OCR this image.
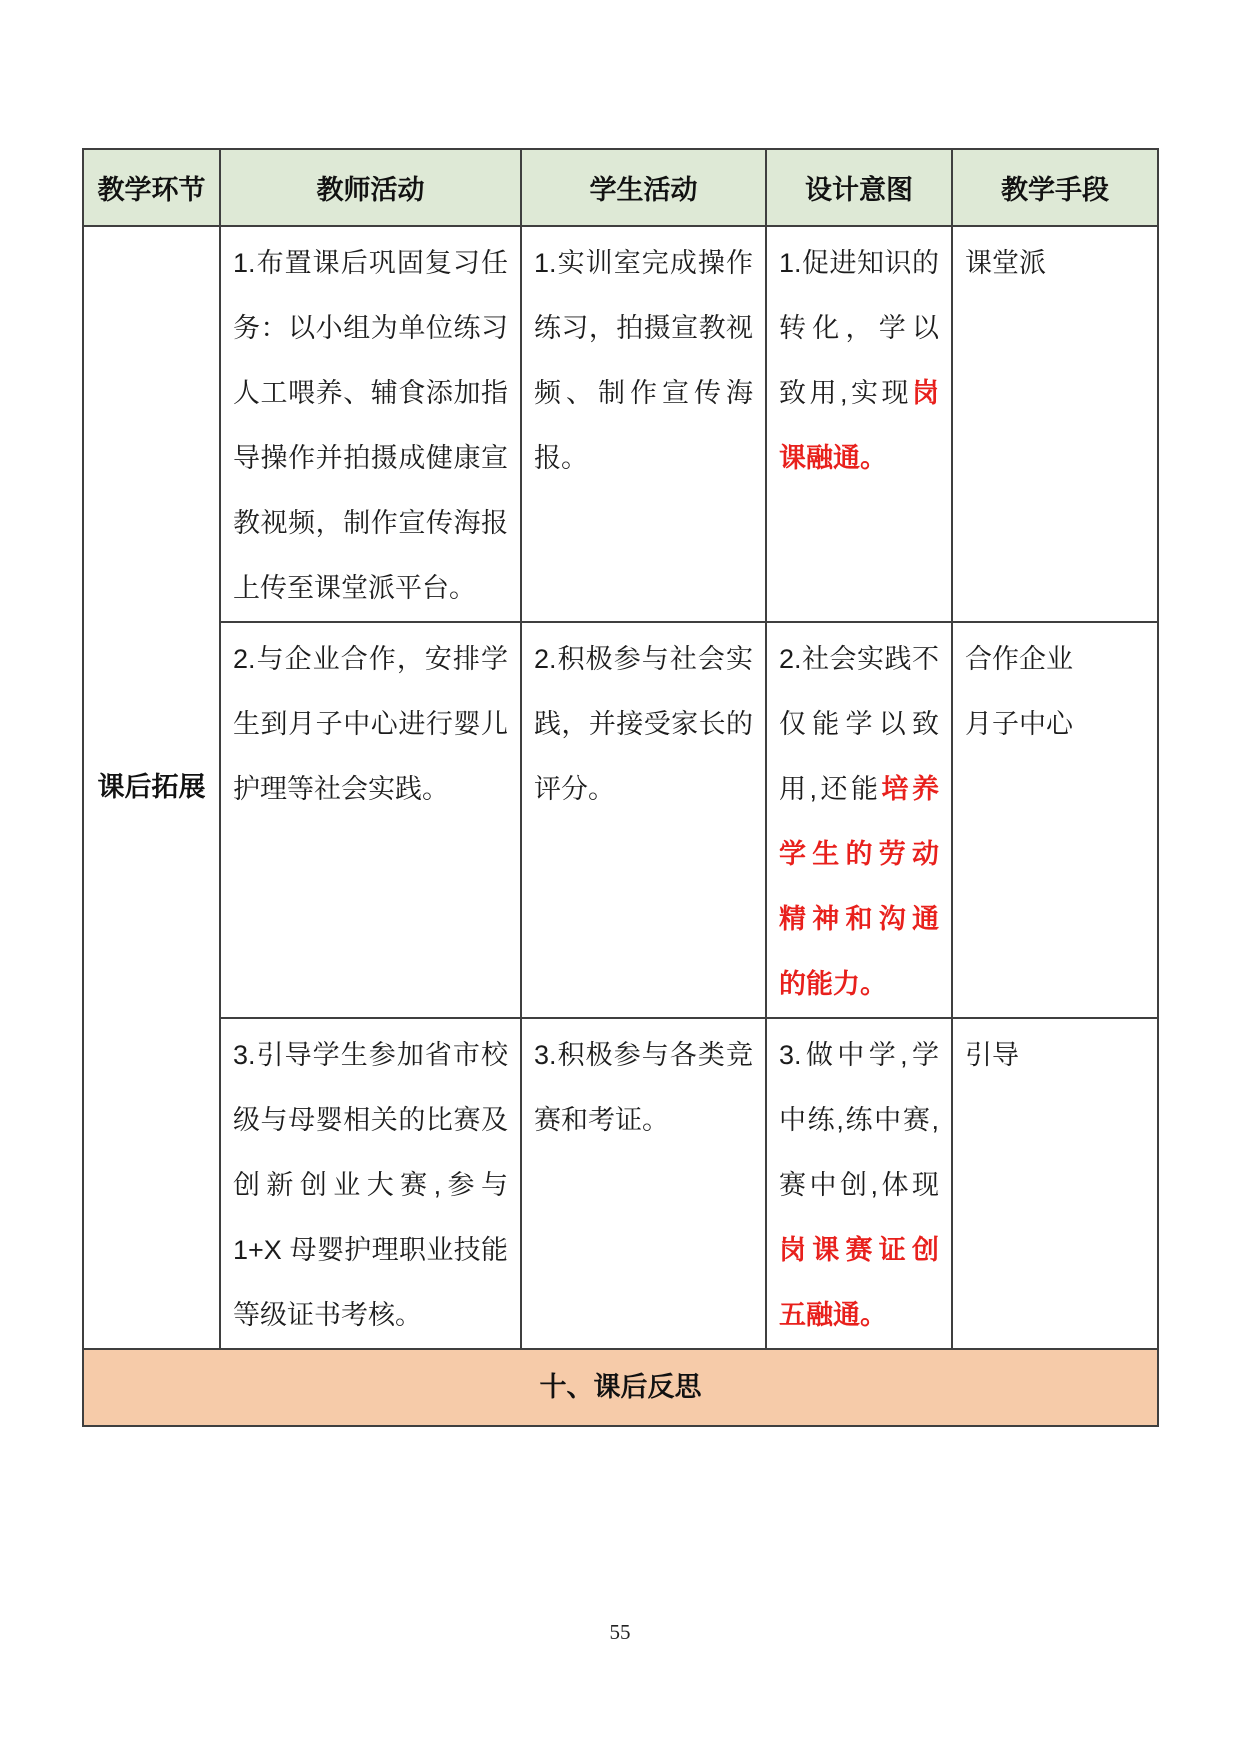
教学环节	教师活动	学生活动	设计意图	教学手段
课后拓展	1.布置课后巩固复习任务：以小组为单位练习人工喂养、辅食添加指导操作并拍摄成健康宣教视频，制作宣传海报上传至课堂派平台。	1.实训室完成操作练习，拍摄宣教视频、制作宣传海报。	1.促进知识的转化，学以致用,实现岗课融通。	课堂派

	2.与企业合作，安排学生到月子中心进行婴儿护理等社会实践。	2.积极参与社会实践，并接受家长的评分。	2.社会实践不仅能学以致用,还能培养学生的劳动精神和沟通的能力。	合作企业
月子中心

	3.引导学生参加省市校级与母婴相关的比赛及创新创业大赛,参与 1+X 母婴护理职业技能等级证书考核。	3.积极参与各类竞赛和考证。	3.做中学,学中练,练中赛,赛中创,体现岗课赛证创五融通。	引导

十、课后反思				
55
